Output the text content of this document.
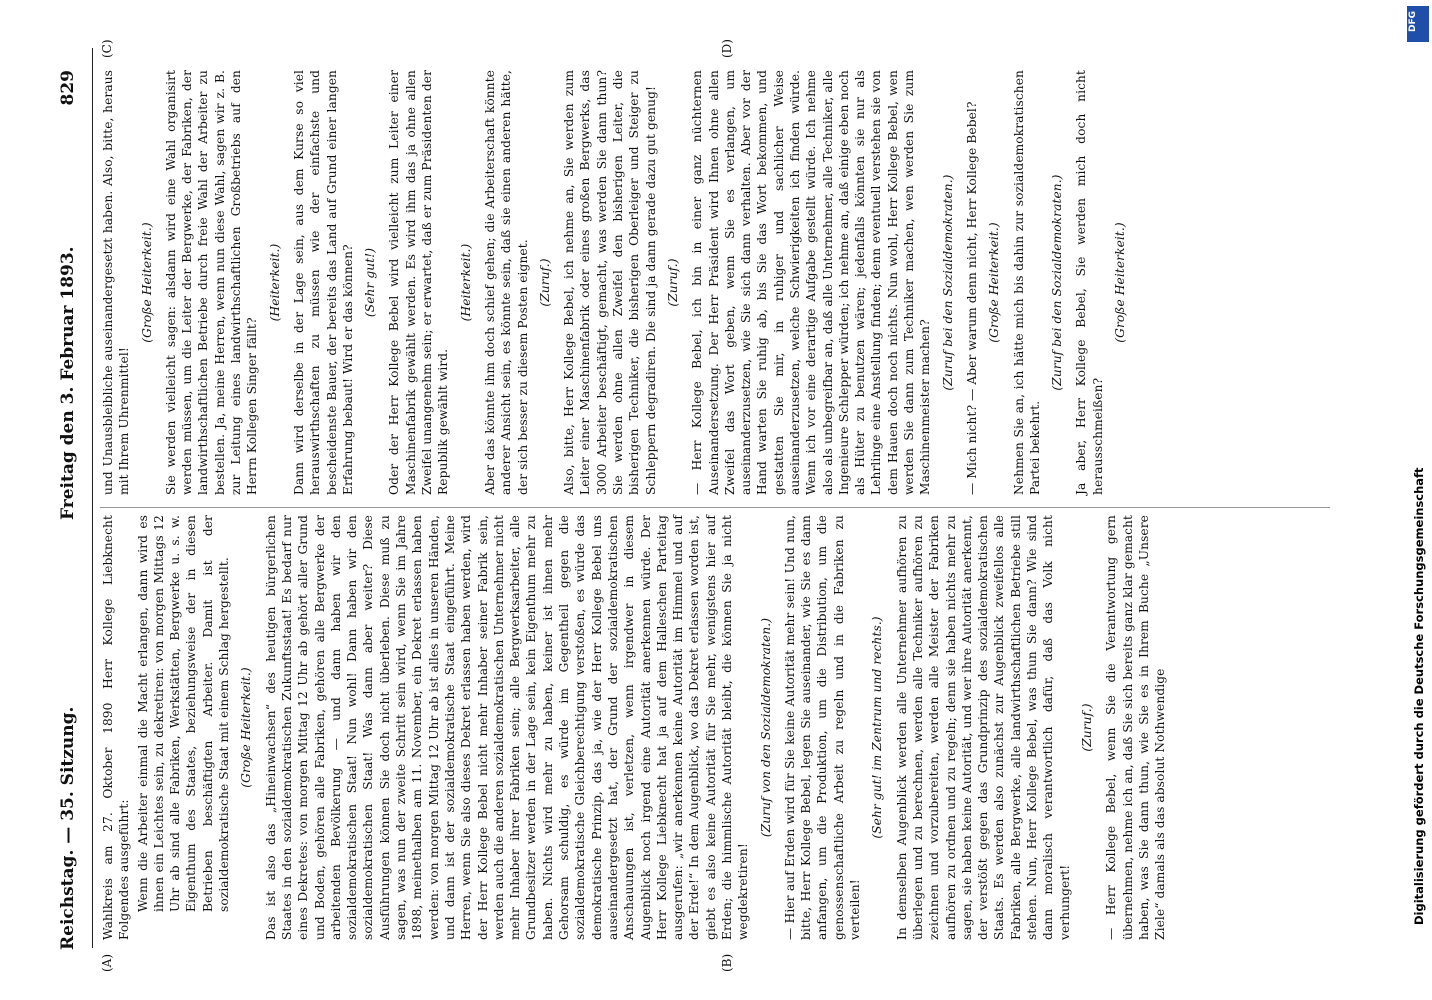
Reichstag. — 35. Sitzung.
Freitag den 3. Februar 1893.
829
(A)	(B)
(C)	(D)

Wahlkreis am 27. Oktober 1890 Herr Kollege Liebknecht Folgendes ausgeführt: Wenn die Arbeiter einmal die Macht erlangen, dann wird es ihnen ein Leichtes sein, zu dekretiren: von morgen Mittags 12 Uhr ab sind alle Fabriken, Werkstätten, Bergwerke u. s. w. Eigenthum des Staates, beziehungsweise der in diesen Betrieben beschäftigten Arbeiter. Damit ist der sozialdemokratische Staat mit einem Schlag hergestellt. (Große Heiterkeit.) Das ist also das „Hineinwachsen“ des heutigen bürgerlichen Staates in den sozialdemokratischen Zukunftsstaat! Es bedarf nur eines Dekretes: von morgen Mittag 12 Uhr ab gehört aller Grund und Boden, gehören alle Fabriken, gehören alle Bergwerke der arbeitenden Bevölkerung — und dann haben wir den sozialdemokratischen Staat! Nun wohl! Dann haben wir den sozialdemokratischen Staat! Was dann aber weiter? Diese Ausführungen können Sie doch nicht überleben. Diese muß zu sagen, was nun der zweite Schritt sein wird, wenn Sie im Jahre 1898, meinethalben am 11. November, ein Dekret erlassen haben werden: von morgen Mittag 12 Uhr ab ist alles in unseren Händen, und dann ist der sozialdemokratische Staat eingeführt. Meine Herren, wenn Sie also dieses Dekret erlassen haben werden, wird der Herr Kollege Bebel nicht mehr Inhaber seiner Fabrik sein, werden auch die anderen sozialdemokratischen Unternehmer nicht mehr Inhaber ihrer Fabriken sein; alle Bergwerksarbeiter, alle Grundbesitzer werden in der Lage sein, kein Eigenthum mehr zu haben. Nichts wird mehr zu haben, keiner ist ihnen mehr Gehorsam schuldig, es würde im Gegentheil gegen die sozialdemokratische Gleichberechtigung verstoßen, es würde das demokratische Prinzip, das ja, wie der Herr Kollege Bebel uns auseinandergesetzt hat, der Grund der sozialdemokratischen Anschauungen ist, verletzen, wenn irgendwer in diesem Augenblick noch irgend eine Autorität anerkennen würde. Der Herr Kollege Liebknecht hat ja auf dem Halleschen Parteitag ausgerufen: „wir anerkennen keine Autorität im Himmel und auf der Erde!“ In dem Augenblick, wo das Dekret erlassen worden ist, giebt es also keine Autorität für Sie mehr, wenigstens hier auf Erden; die himmlische Autorität bleibt, die können Sie ja nicht wegdekretiren!

(Zuruf von den Sozialdemokraten.) — Hier auf Erden wird für Sie keine Autorität mehr sein! Und nun, bitte, Herr Kollege Bebel, legen Sie auseinander, wie Sie es dann anfangen, um die Produktion, um die Distribution, um die genossenschaftliche Arbeit zu regeln und in die Fabriken zu verteilen!

(Sehr gut! im Zentrum und rechts.) In demselben Augenblick werden alle Unternehmer aufhören zu überlegen und zu berechnen, werden alle Techniker aufhören zu zeichnen und vorzubereiten, werden alle Meister der Fabriken aufhören zu ordnen und zu regeln; denn sie haben nichts mehr zu sagen, sie haben keine Autorität, und wer ihre Autorität anerkennt, der verstößt gegen das Grundprinzip des sozialdemokratischen Staats. Es werden also zunächst zur Augenblick zweifellos alle Fabriken, alle Bergwerke, alle landwirthschaftlichen Betriebe still stehen. Nun, Herr Kollege Bebel, was thun Sie dann? Wie sind dann moralisch verantwortlich dafür, daß das Volk nicht verhungert!

(Zuruf.) — Herr Kollege Bebel, wenn Sie die Verantwortung gern übernehmen, nehme ich an, daß Sie sich bereits ganz klar gemacht haben, was Sie dann thun, wie Sie es in Ihrem Buche „Unsere Ziele“ damals als das absolut Nothwendige

und Unausbleibliche auseinandergesetzt haben. Also, bitte, heraus mit Ihrem Uhrenmittel!

(Große Heiterkeit.) Sie werden vielleicht sagen: alsdann wird eine Wahl organisirt werden müssen, um die Leiter der Bergwerke, der Fabriken, der landwirthschaftlichen Betriebe durch freie Wahl der Arbeiter zu bestellen. Ja, meine Herren, wenn nun diese Wahl, sagen wir z. B. zur Leitung eines landwirthschaftlichen Großbetriebs auf den Herrn Kollegen Singer fällt?

(Heiterkeit.) Dann wird derselbe in der Lage sein, aus dem Kurse so viel herauswirthschaften zu müssen wie der einfachste und bescheidenste Bauer, der bereits das Land auf Grund einer langen Erfahrung bebaut! Wird er das können? (Sehr gut!) Oder der Herr Kollege Bebel wird vielleicht zum Leiter einer Maschinenfabrik gewählt werden. Es wird ihm das ja ohne allen Zweifel unangenehm sein; er erwartet, daß er zum Präsidenten der Republik gewählt wird.

(Heiterkeit.) Aber das könnte ihm doch schief gehen; die Arbeiterschaft könnte anderer Ansicht sein, es könnte sein, daß sie einen anderen hätte, der sich besser zu diesem Posten eignet. (Zuruf.) Also, bitte, Herr Kollege Bebel, ich nehme an, Sie werden zum Leiter einer Maschinenfabrik oder eines großen Bergwerks, das 3000 Arbeiter beschäftigt, gemacht, was werden Sie dann thun? Sie werden ohne allen Zweifel den bisherigen Leiter, die bisherigen Techniker, die bisherigen Oberleiger und Steiger zu Schleppern degradiren. Die sind ja dann gerade dazu gut genug! (Zuruf.) — Herr Kollege Bebel, ich bin in einer ganz nüchternen Auseinandersetzung. Der Herr Präsident wird Ihnen ohne allen Zweifel das Wort geben, wenn Sie es verlangen, um auseinanderzusetzen, wie Sie sich dann verhalten. Aber vor der Hand warten Sie ruhig ab, bis Sie das Wort bekommen, und gestatten Sie mir, in ruhiger und sachlicher Weise auseinanderzusetzen, welche Schwierigkeiten ich finden würde. Wenn ich vor eine derartige Aufgabe gestellt würde. Ich nehme also als unbegreifbar an, daß alle Unternehmer, alle Techniker, alle Ingenieure Schlepper würden; ich nehme an, daß einige eben noch als Hüter zu benutzen wären; jedenfalls könnten sie nur als Lehrlinge eine Anstellung finden; denn eventuell verstehen sie von dem Hauen doch noch nichts. Nun wohl, Herr Kollege Bebel, wen werden Sie dann zum Techniker machen, wen werden Sie zum Maschinenmeister machen?

(Zuruf bei den Sozialdemokraten.) — Mich nicht? — Aber warum denn nicht, Herr Kollege Bebel? (Große Heiterkeit.) Nehmen Sie an, ich hätte mich bis dahin zur sozialdemokratischen Partei bekehrt.

(Zuruf bei den Sozialdemokraten.) Ja aber, Herr Kollege Bebel, Sie werden mich doch nicht herausschmeißen?

(Große Heiterkeit.)

Digitalisierung gefördert durch die Deutsche Forschungsgemeinschaft
DFG
